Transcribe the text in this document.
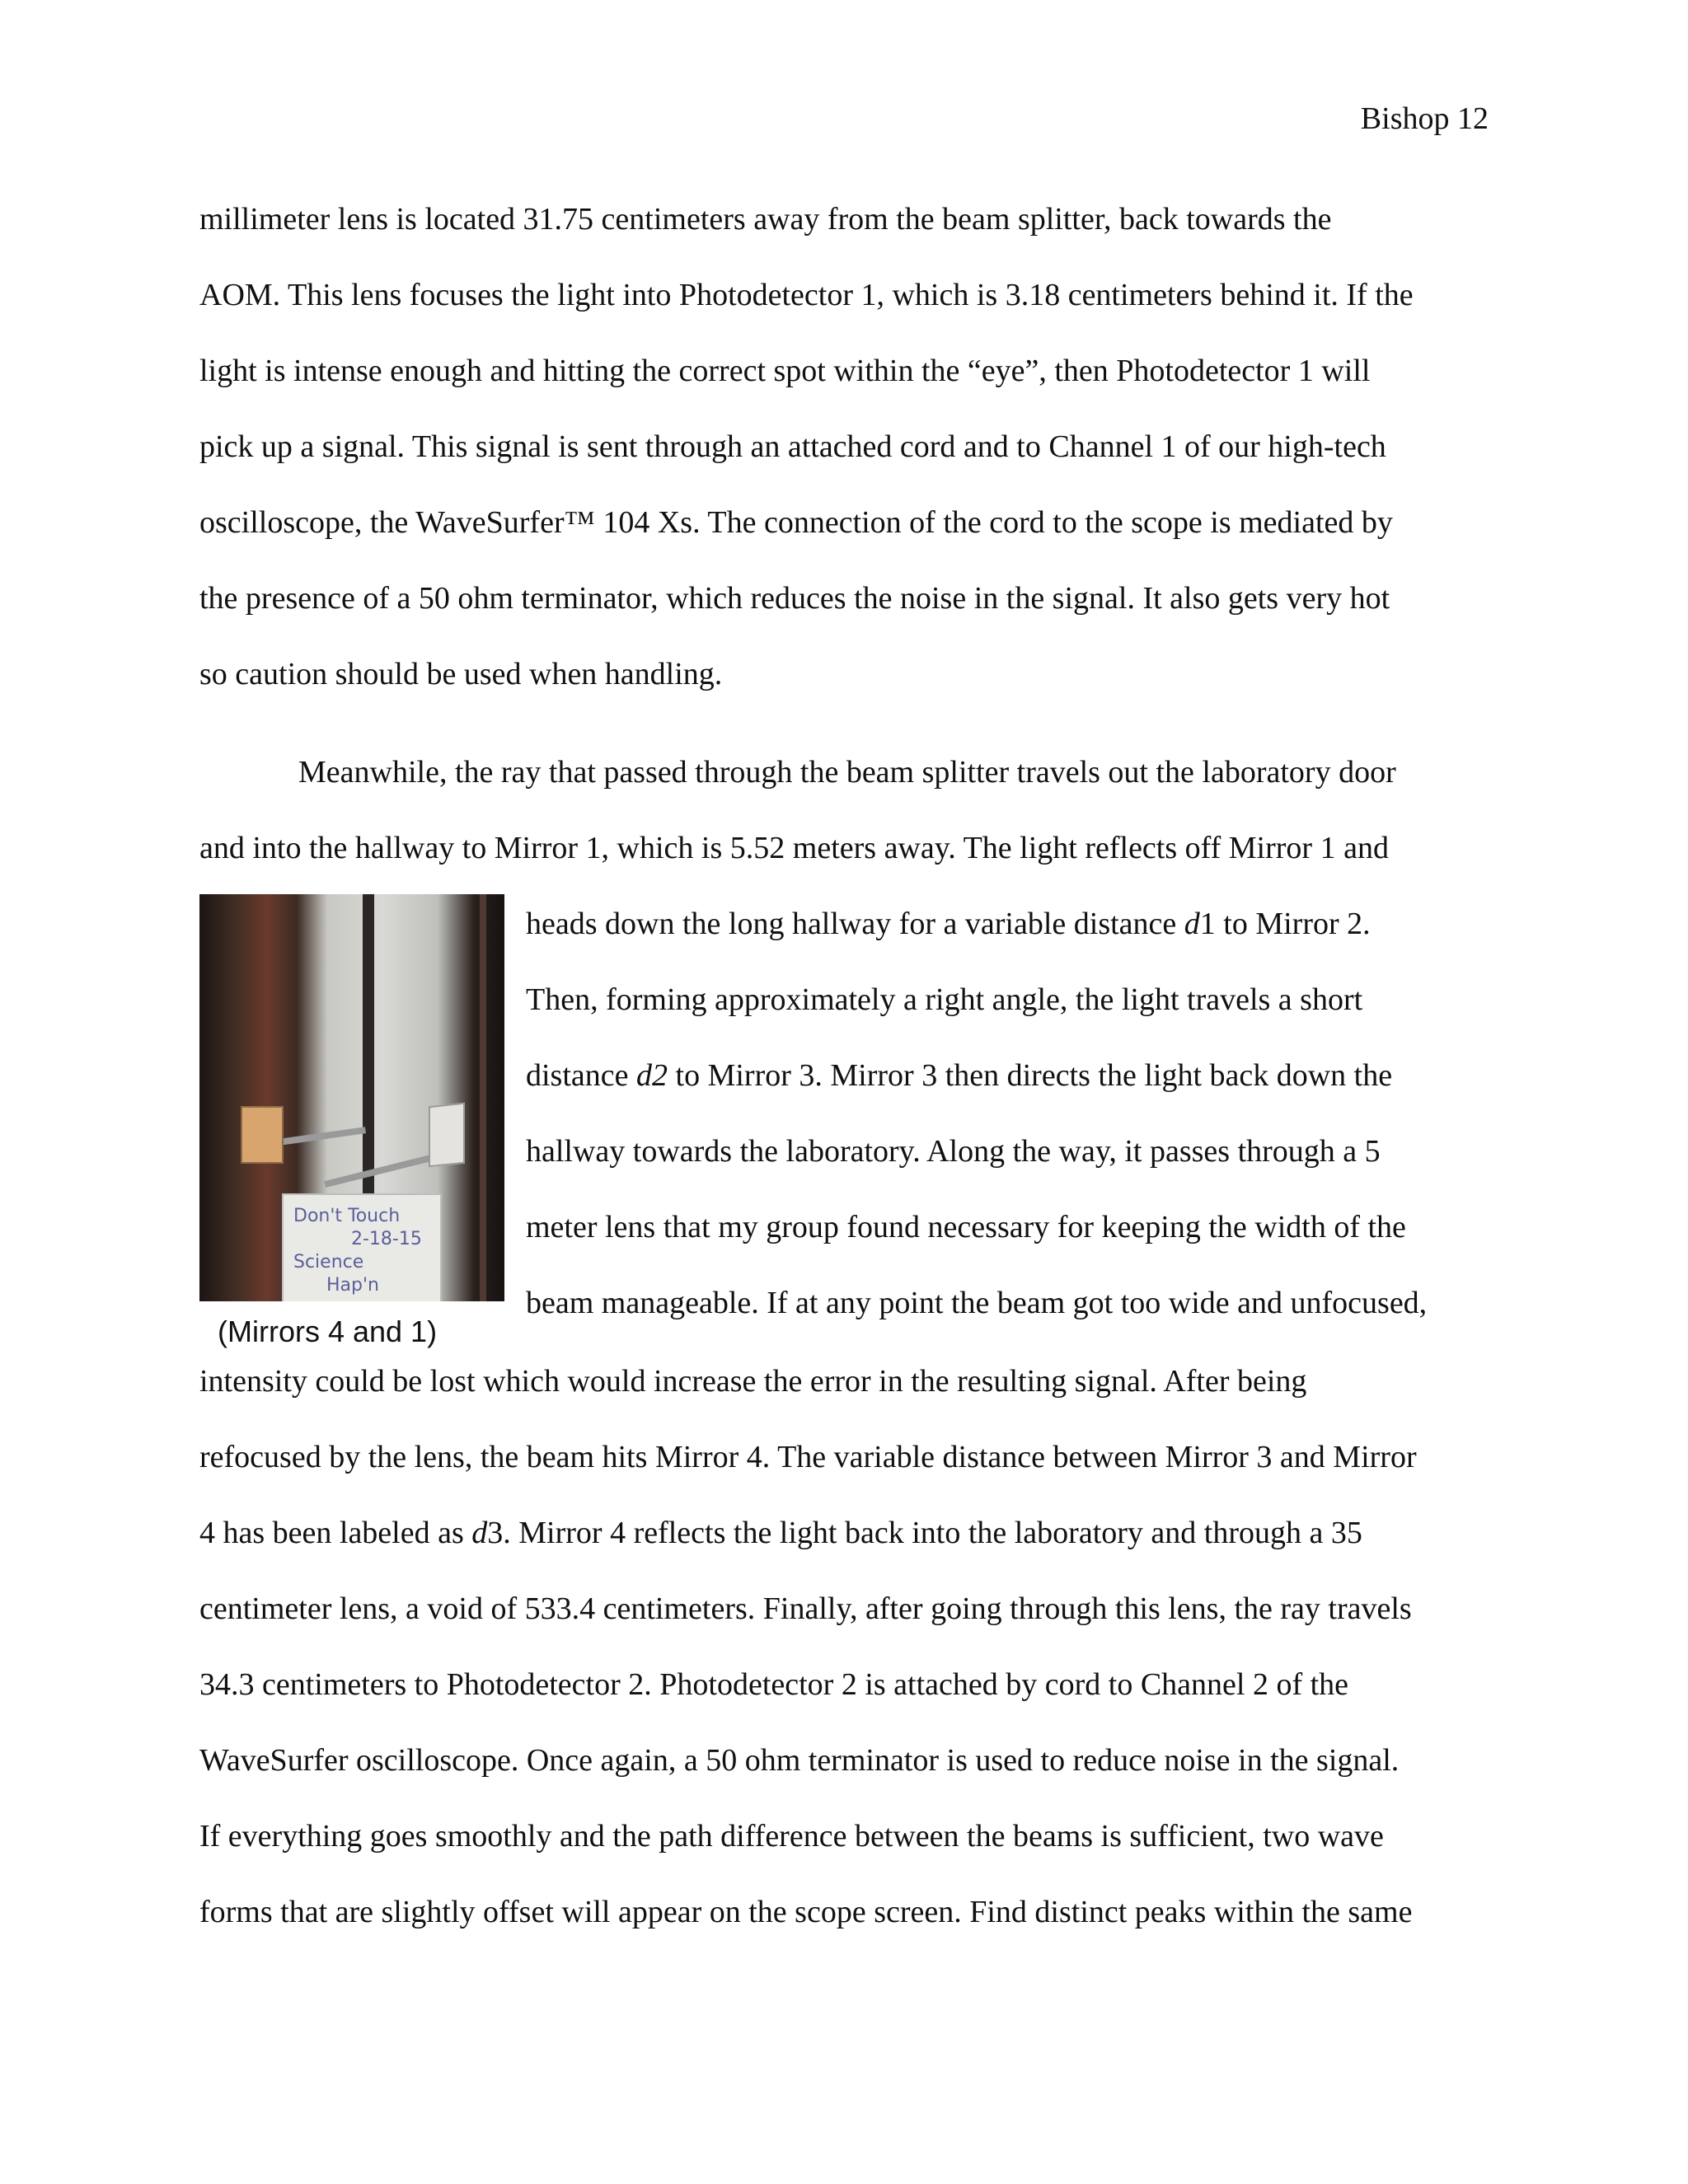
Bishop 12
millimeter lens is located 31.75 centimeters away from the beam splitter, back towards the
AOM. This lens focuses the light into Photodetector 1, which is 3.18 centimeters behind it. If the
light is intense enough and hitting the correct spot within the “eye”, then Photodetector 1 will
pick up a signal. This signal is sent through an attached cord and to Channel 1 of our high-tech
oscilloscope, the WaveSurfer™ 104 Xs. The connection of the cord to the scope is mediated by
the presence of a 50 ohm terminator, which reduces the noise in the signal. It also gets very hot
so caution should be used when handling.
Meanwhile, the ray that passed through the beam splitter travels out the laboratory door
and into the hallway to Mirror 1, which is 5.52 meters away. The light reflects off Mirror 1 and
heads down the long hallway for a variable distance d1 to Mirror 2.
Then, forming approximately a right angle, the light travels a short
distance d2 to Mirror 3. Mirror 3 then directs the light back down the
hallway towards the laboratory. Along the way, it passes through a 5
meter lens that my group found necessary for keeping the width of the
beam manageable. If at any point the beam got too wide and unfocused,
intensity could be lost which would increase the error in the resulting signal. After being
refocused by the lens, the beam hits Mirror 4. The variable distance between Mirror 3 and Mirror
4 has been labeled as d3. Mirror 4 reflects the light back into the laboratory and through a 35
centimeter lens, a void of 533.4 centimeters. Finally, after going through this lens, the ray travels
34.3 centimeters to Photodetector 2. Photodetector 2 is attached by cord to Channel 2 of the
WaveSurfer oscilloscope. Once again, a 50 ohm terminator is used to reduce noise in the signal.
If everything goes smoothly and the path difference between the beams is sufficient, two wave
forms that are slightly offset will appear on the scope screen. Find distinct peaks within the same
Don't Touch
2-18-15
Science
Hap'n
(Mirrors 4 and 1)
